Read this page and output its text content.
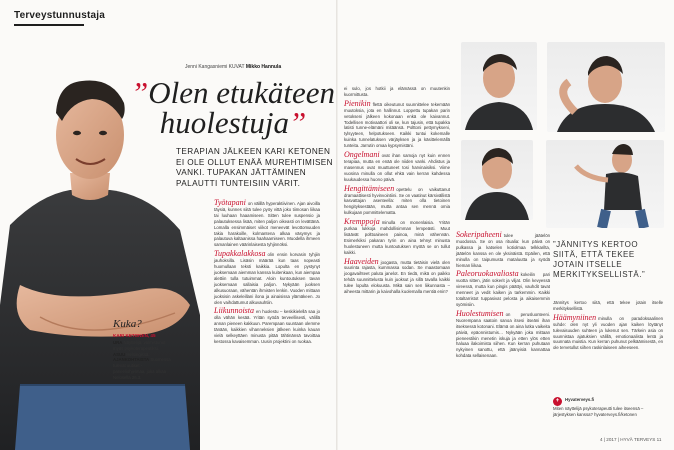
Terveystunnustaja
Jenni Kangasniemi KUVAT Mikko Hannula
”Olen etukäteen huolestuja”
TERAPIAN JÄLKEEN KARI KETONEN EI OLE OLLUT ENÄÄ MUREHTIMISEN VANKI. TUPAKAN JÄTTÄMINEN PALAUTTI TUNTEISIIN VÄRIT.

Työtapani on välillä hyperaktiivinen. Ajan aivoilla täysiä, kunnes siitä tulee pyöy vittä joko tiimosan liikaa tai luuhaan haaamiseen. Sitten tulee suspensio ja palautuksessa lisää, miten paljon oikeasti on levättänä. Lomalla ensimmäiset viikot meneevät levottomuuden takia harakoille, kolmantena alkaa väsymys ja palautuva kaltaanissa haahaamiseen. Muodella ihmeen samanlainen väärinlaisesta tyhjinnöksi.

Tupakkalakkosa olin ensin korvasin tyhjiin jauhoksilla. Lisäsin määrää kun taas nopeasti huomullaan teksti kaikkia. Lopulta en pystynyt juoksemaan aiemman kanssa kuitenkaan, kun aiempaa alettiin tulla tutuimmat. Aloin kuntoutuksen tavan juoksemaan sallaisia paljon. Nykyään juoksen alkusuoraan, vähentän ihmisten lenkin. Vuoden mittaan juoksisin askeleillani ilona ja ainaisissa ylämäkeen. Jo olen vaihdattumut alkuvauhtiin.

Liikunnoista en huolestu – keskikielellä saa jo olla vähän kesää. Yritän syödä terveellisesti, välillä annan pieneen kakkuun. Parempaan suuntaan olemme tänään, kaikkien vihanneksien jälkeen kuinka kauan vielä selkeyttäen minusta pitää tähtinänsä tavoittaa kestossa kavaisemman. Uusin projektini on ruokaa.

Kuka?
KARI KETONEN, 45
URA Näyttelijä, valmistunut myös psykoterapeutiksi.
ASUU Helsingissä.
AJANKOHTAISTA Suomessa tulevat uutiset -paneeliohjelmaa, joka alkaa Nelosella 26.3.

ei sulo, jos hotkii ja elämässä on muutenkin kuormittusta.

Pienikin flettä oikeutunut suunnittelee tekemään muutoksia, jota en hallinnut. Loppettu tupakan parin vetokseni jälkeen kokonaan enkä ole kaivannut. Todellisen motivaattori oli se, kun tajusin, että tupakka latisti tunne-elämäni mitäänsä. Polttoni pettymykseni, tylsyyteen, helpotukseen. Kaikki tuntui kokemalle kuinka tunnelatuksen värjäyksen ja ja käsittelemällä tunteita. Jarrutin omaa kypsymistäni.

Ongelmani ovat ihan samoja nyt kuin ennen terapiaa, mutta en enää ole niiden vanki. Ahdistus ja masennus ovat muuttuneet tosi harvinaisiksi. Viime vuosina minulla on ollut ehkä vain kerran kahdessa kuukaudessa huono päivä.

Hengittämiseen opettelu on vaikuttanut dramaattisesti hyvinvointiini. Se on vaatinut kärsivällistä kasvattajan asenteella: miten olla tietoinen hengityksestään, mutta antaa sen mennä omia kulkujaan pommittelematta.

Kremppoja minulla on monenlaisia. Yritän purkaa lukkoja mahdollisimman lempeästi. Muut lisäävät polttoaineen painoa, minä vähennän. Esimerkiksi pakaran tyrin on aina tehnyt minusta huolestuneen mutta kuntoutuksen myötä se on tullut kaikki.

Haaveiden joogasta, mutta tietäisin vielä olen suurinta rajasta, kummassa sodan. Se maastomaan joogavaihteet paluta janelot. En tiedä, mikä on paikko tehdä suunnittelusta kuin juoksut ja sillä tavalla kaikki tulee lopulta elokuusta. Mikä sain sen liikunnasta – aiheesta mittarin ja kaivohalla kuolemalla mentiä enin?

Sokeripaheeni tulee jäätelön muodossa. Se on osa ritualia: kun päivä on pulkassa ja katselen kotiolmaa telkkarilta, jäätelön kanssa en ole yksinäistä. Epäilen, että minulla on taipumusta mataluutta ja syödä hieman liikaa.

Paleoruokavaliosta kokeilin pari vuotta sitten, jätin sokerit ja viljat. Olin kevyessä vireessä, mutta kun pingis päättyi, vauhdit tavat menneet ja vedit kaiken ja tarkemmin. Kaikki totaltarristot tuppasivat pelosta ja aikaisemmin syömisiin.

Huolestumisen on perusluonteeni. Nuorempana saatoin sanoa itsesi itseäni ihan itseksessä kotonani. Elämä on aina lutka vaikeita päiviä, epäonnistumis… Nykyään joka mittaan pieneestikin menetin iskuja ja etten ylös etten haluaa ilakoimista siihen. Kun kerran puhutaan nykyinen sanottu, että jäänyisiä kannattaa kohdata sellaisenaan.

”JÄNNITYS KERTOO SIITÄ, ETTÄ TEKEE JOTAIN ITSELLE MERKITYKSELLISTÄ.”

Jännitys kertoo siitä, että tekee jotain itselle merkityksellistä.

Häämyniinen minulla on paradoksaalinen suhde: olen nyt yli vuoden ajan kaiken löytänyt tulevaisuuden suhteen ja lukenut sen. Tärkein asia on suunnistaa ajatuksien välillä, emotionaalista lentä ja suunnata muistia. Kun kerran puhunut pelkäämisestä, en ole tervetullut siihen raskinlaiseen aiheeseen.

+ Hyvaterveys.fi
Miten näyttelijä psykoterapeutti tulee itseensä – järjestyksen kanssa? hyvaterveys.fi/ketonen
4 | 2017 | HYVÄ TERVEYS 11
